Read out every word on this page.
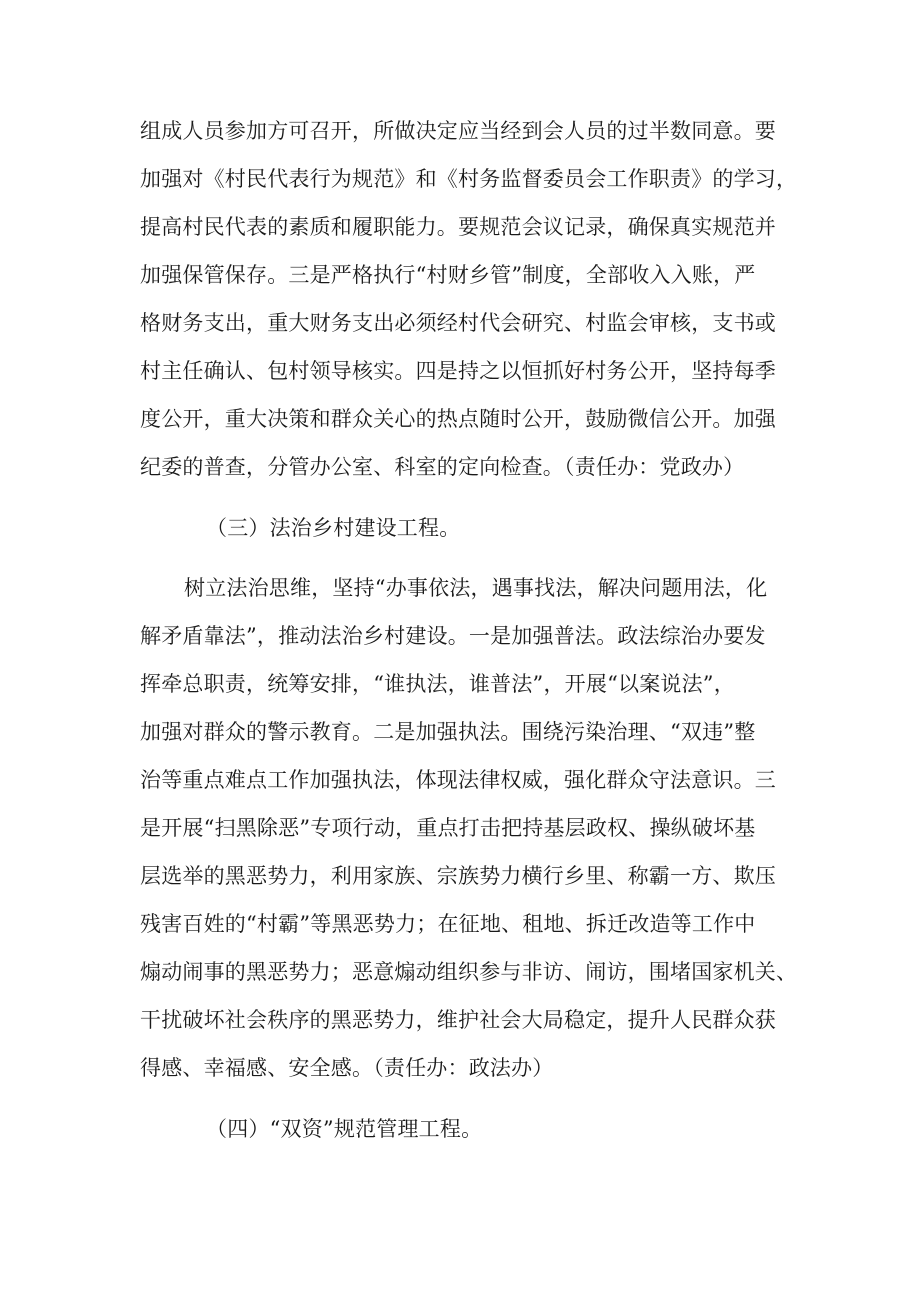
组成人员参加方可召开，所做决定应当经到会人员的过半数同意。要
加强对《村民代表行为规范》和《村务监督委员会工作职责》的学习，
提高村民代表的素质和履职能力。要规范会议记录，确保真实规范并
加强保管保存。三是严格执行“村财乡管”制度，全部收入入账，严
格财务支出，重大财务支出必须经村代会研究、村监会审核，支书或
村主任确认、包村领导核实。四是持之以恒抓好村务公开，坚持每季
度公开，重大决策和群众关心的热点随时公开，鼓励微信公开。加强
纪委的普查，分管办公室、科室的定向检查。（责任办：党政办）
（三）法治乡村建设工程。
树立法治思维，坚持“办事依法，遇事找法，解决问题用法，化
解矛盾靠法”，推动法治乡村建设。一是加强普法。政法综治办要发
挥牵总职责，统筹安排，“谁执法，谁普法”，开展“以案说法”，
加强对群众的警示教育。二是加强执法。围绕污染治理、“双违”整
治等重点难点工作加强执法，体现法律权威，强化群众守法意识。三
是开展“扫黑除恶”专项行动，重点打击把持基层政权、操纵破坏基
层选举的黑恶势力，利用家族、宗族势力横行乡里、称霸一方、欺压
残害百姓的“村霸”等黑恶势力；在征地、租地、拆迁改造等工作中
煽动闹事的黑恶势力；恶意煽动组织参与非访、闹访，围堵国家机关、
干扰破坏社会秩序的黑恶势力，维护社会大局稳定，提升人民群众获
得感、幸福感、安全感。（责任办：政法办）
（四）“双资”规范管理工程。
